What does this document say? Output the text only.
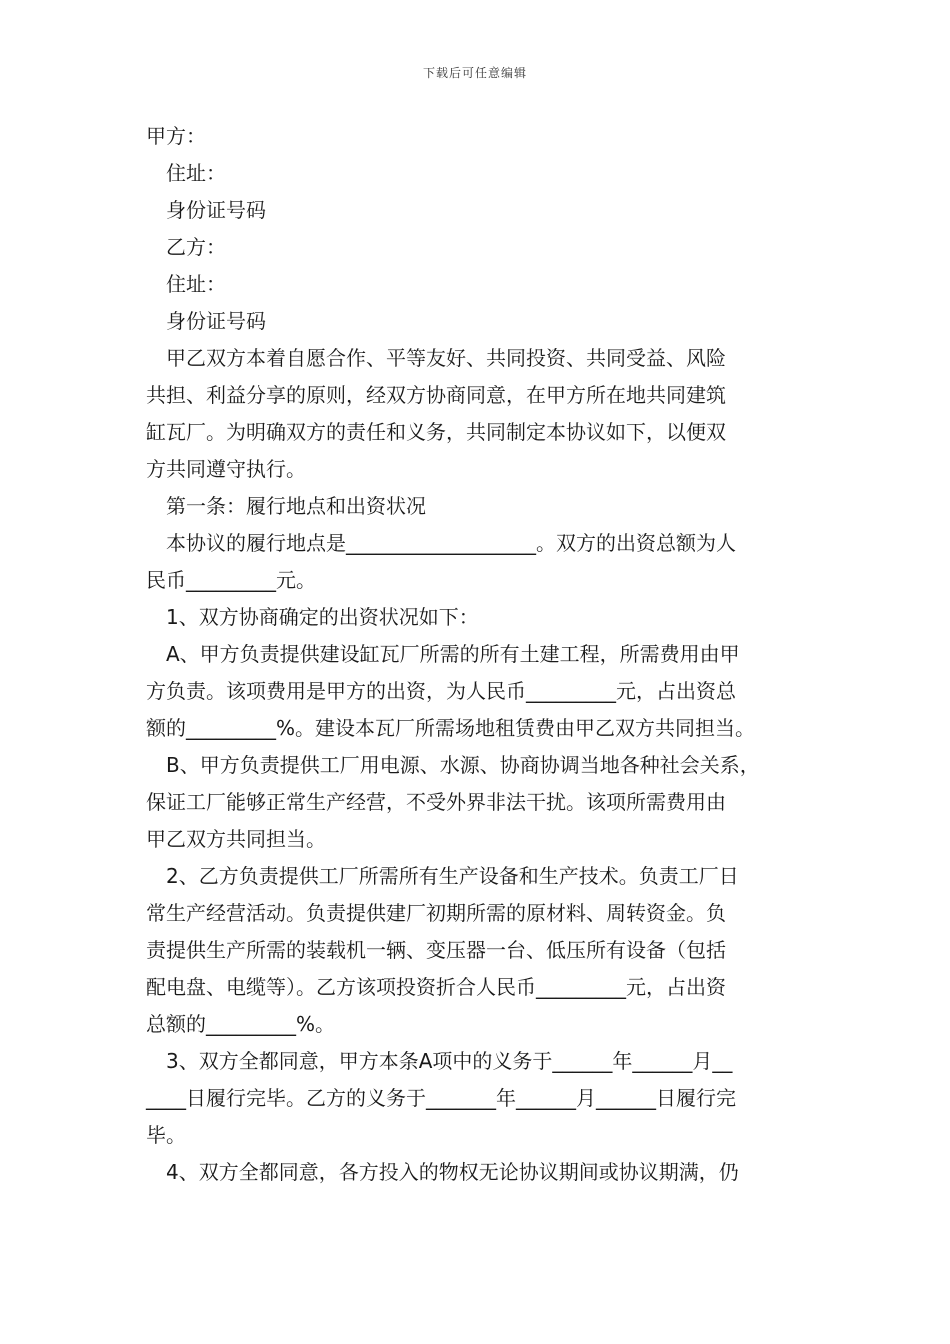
下载后可任意编辑

甲方：

住址：

身份证号码

乙方：

住址：

身份证号码

甲乙双方本着自愿合作、平等友好、共同投资、共同受益、风险

共担、利益分享的原则，经双方协商同意，在甲方所在地共同建筑

缸瓦厂。为明确双方的责任和义务，共同制定本协议如下，以便双

方共同遵守执行。

第一条：履行地点和出资状况

本协议的履行地点是___________________。双方的出资总额为人

民币_________元。

1、双方协商确定的出资状况如下：

A、甲方负责提供建设缸瓦厂所需的所有土建工程，所需费用由甲

方负责。该项费用是甲方的出资，为人民币_________元，占出资总

额的_________%。建设本瓦厂所需场地租赁费由甲乙双方共同担当。

B、甲方负责提供工厂用电源、水源、协商协调当地各种社会关系，

保证工厂能够正常生产经营，不受外界非法干扰。该项所需费用由

甲乙双方共同担当。

2、乙方负责提供工厂所需所有生产设备和生产技术。负责工厂日

常生产经营活动。负责提供建厂初期所需的原材料、周转资金。负

责提供生产所需的装载机一辆、变压器一台、低压所有设备（包括

配电盘、电缆等）。乙方该项投资折合人民币_________元，占出资

总额的_________%。

3、双方全都同意，甲方本条A项中的义务于______年______月__

____日履行完毕。乙方的义务于_______年______月______日履行完

毕。

4、双方全都同意，各方投入的物权无论协议期间或协议期满，仍
